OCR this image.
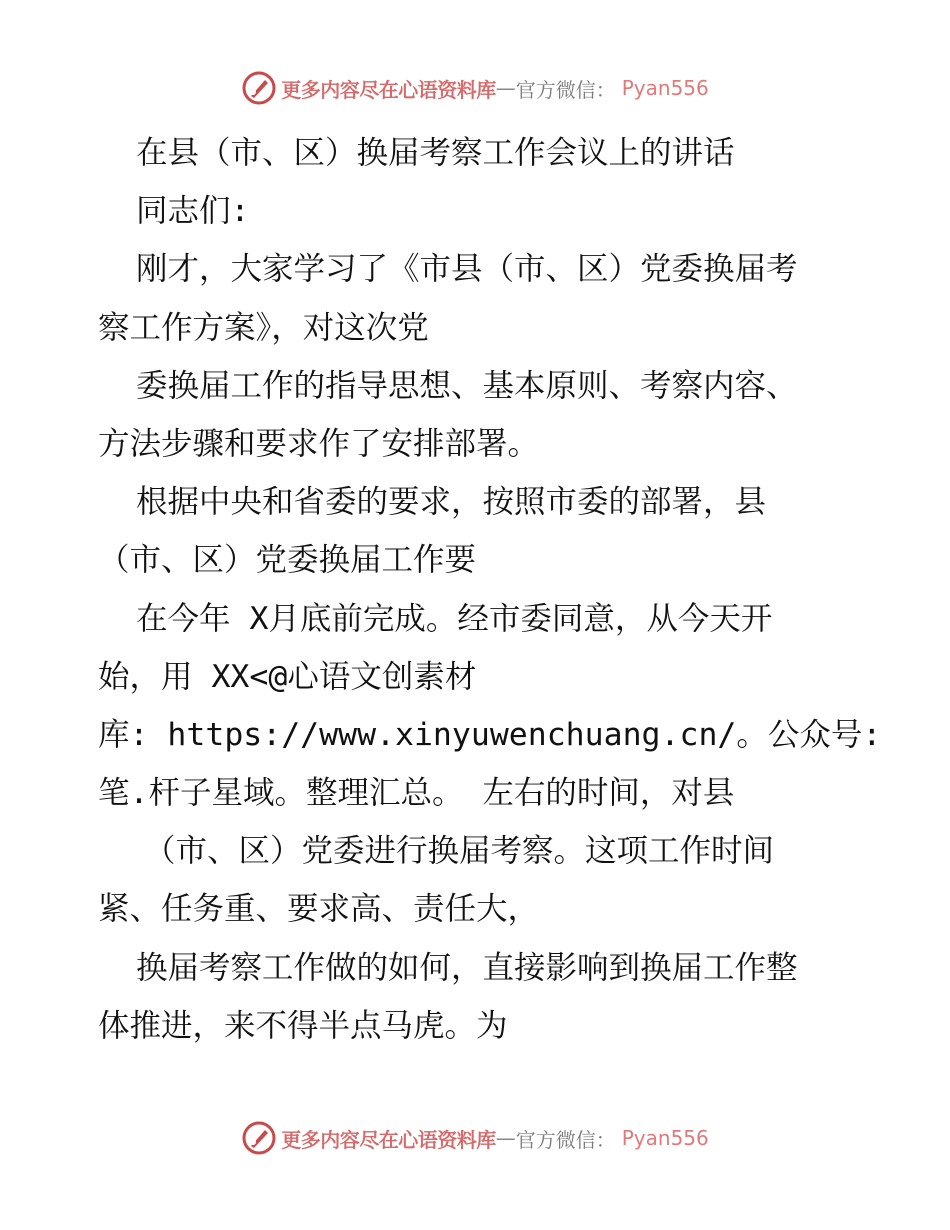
更多内容尽在心语资料库 — 官方微信： Pyan556
在县（市、区）换届考察工作会议上的讲话
同志们:
刚才，大家学习了《市县（市、区）党委换届考
察工作方案》，对这次党
委换届工作的指导思想、基本原则、考察内容、
方法步骤和要求作了安排部署。
根据中央和省委的要求，按照市委的部署，县
（市、区）党委换届工作要
在今年 X月底前完成。经市委同意，从今天开
始，用 XX<@心语文创素材
库: https://www.xinyuwenchuang.cn/。公众号:
笔.杆子星域。整理汇总。 左右的时间，对县
（市、区）党委进行换届考察。这项工作时间
紧、任务重、要求高、责任大，
换届考察工作做的如何，直接影响到换届工作整
体推进，来不得半点马虎。为
更多内容尽在心语资料库 — 官方微信： Pyan556
